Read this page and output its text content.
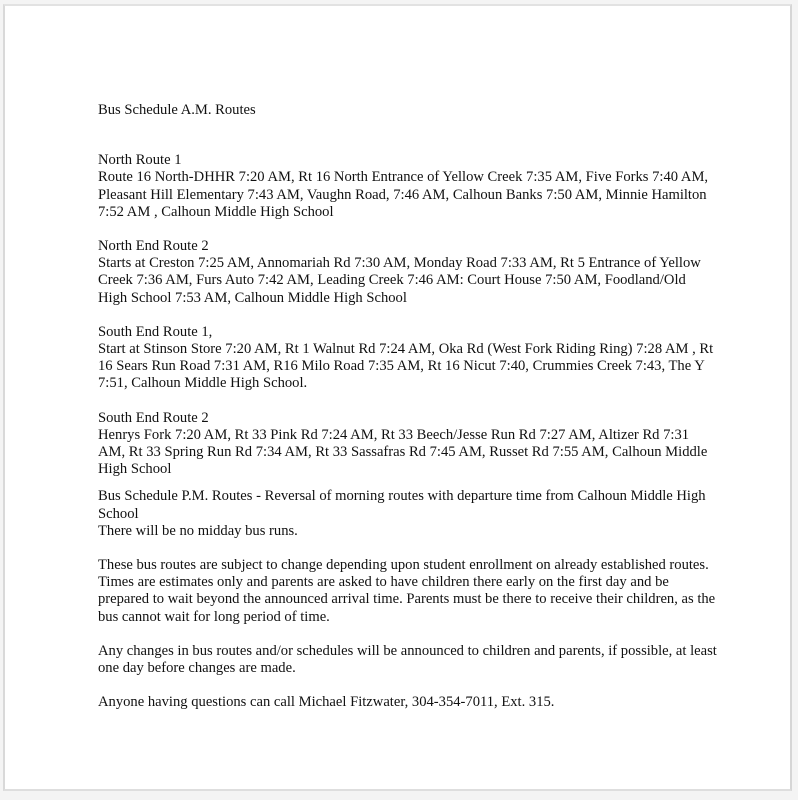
Bus Schedule A.M. Routes

North Route 1

Route 16 North-DHHR 7:20 AM, Rt 16 North Entrance of Yellow Creek 7:35 AM, Five Forks 7:40 AM, Pleasant Hill Elementary 7:43 AM, Vaughn Road, 7:46 AM, Calhoun Banks 7:50 AM, Minnie Hamilton 7:52 AM , Calhoun Middle High School

North End Route 2

Starts at Creston 7:25 AM, Annomariah Rd 7:30 AM, Monday Road 7:33 AM, Rt 5 Entrance of Yellow Creek 7:36 AM, Furs Auto 7:42 AM, Leading Creek 7:46 AM: Court House 7:50 AM, Foodland/Old High School 7:53 AM, Calhoun Middle High School

South End Route 1,

Start at Stinson Store 7:20 AM, Rt 1 Walnut Rd 7:24 AM, Oka Rd (West Fork Riding Ring) 7:28 AM , Rt 16 Sears Run Road 7:31 AM, R16 Milo Road 7:35 AM, Rt 16 Nicut 7:40, Crummies Creek 7:43, The Y 7:51, Calhoun Middle High School.

South End Route 2

Henrys Fork 7:20 AM, Rt 33 Pink Rd 7:24 AM, Rt 33 Beech/Jesse Run Rd 7:27 AM, Altizer Rd 7:31 AM, Rt 33 Spring Run Rd 7:34 AM, Rt 33 Sassafras Rd 7:45 AM, Russet Rd 7:55 AM, Calhoun Middle High School

Bus Schedule P.M. Routes - Reversal of morning routes with departure time from Calhoun Middle High School

There will be no midday bus runs.

These bus routes are subject to change depending upon student enrollment on already established routes. Times are estimates only and parents are asked to have children there early on the first day and be prepared to wait beyond the announced arrival time. Parents must be there to receive their children, as the bus cannot wait for long period of time.

Any changes in bus routes and/or schedules will be announced to children and parents, if possible, at least one day before changes are made.

Anyone having questions can call Michael Fitzwater, 304-354-7011, Ext. 315.
